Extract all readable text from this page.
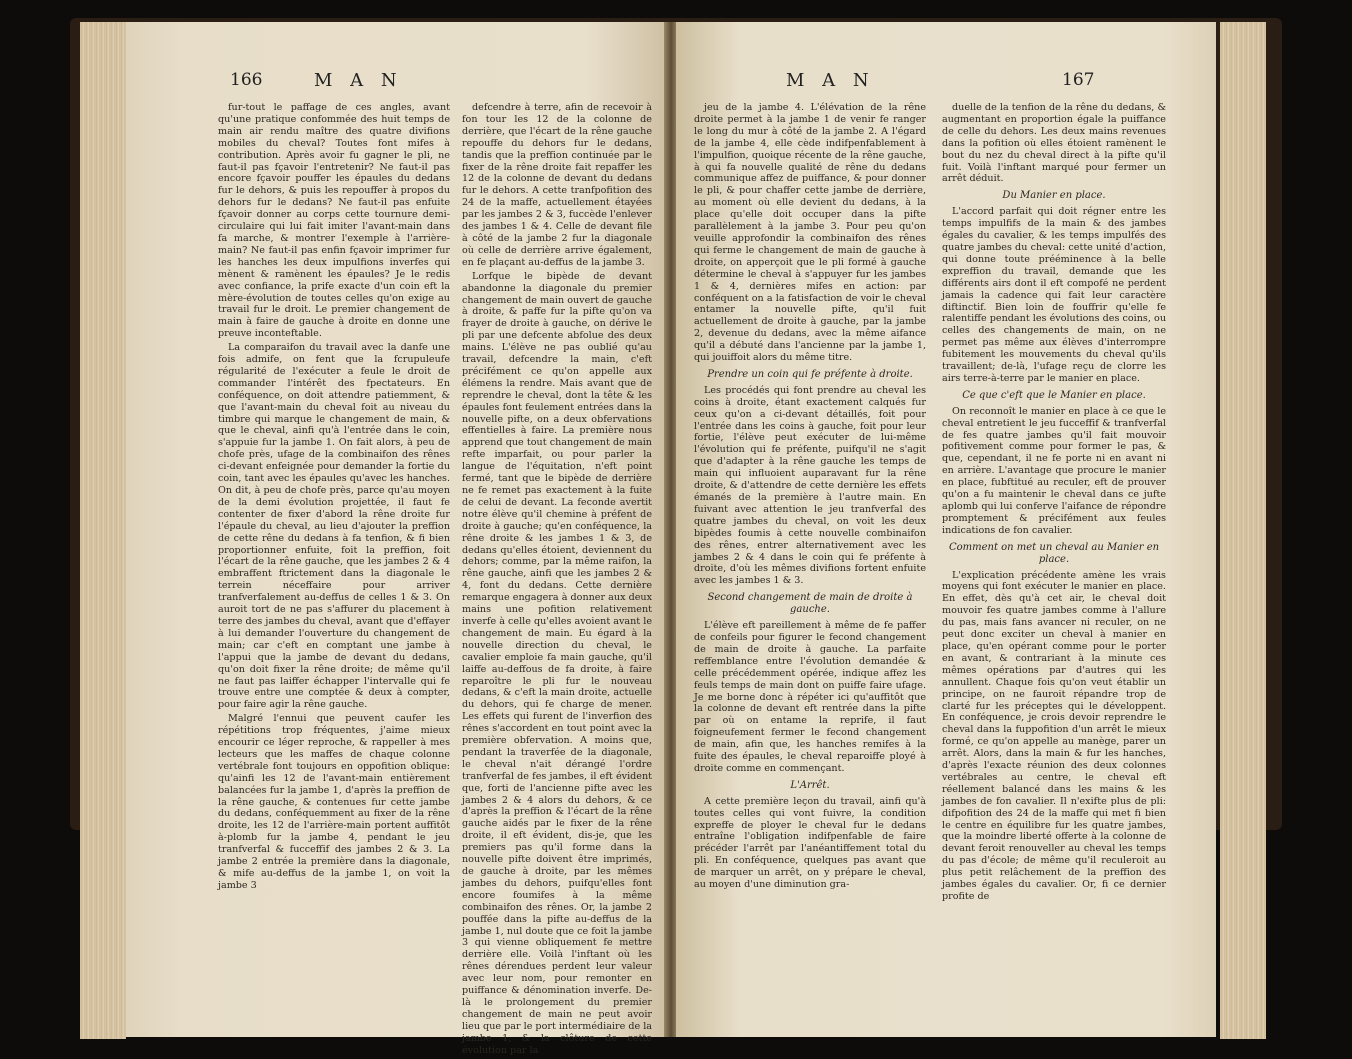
166	M A N

fur-tout le paffage de ces angles, avant qu'une pratique confommée des huit temps de main air rendu maître des quatre divifions mobiles du cheval? Toutes font mifes à contribution. Après avoir fu gagner le pli, ne faut-il pas fçavoir l'entretenir? Ne faut-il pas encore fçavoir pouffer les épaules du dedans fur le dehors, & puis les repouffer à propos du dehors fur le dedans? Ne faut-il pas enfuite fçavoir donner au corps cette tournure demi-circulaire qui lui fait imiter l'avant-main dans fa marche, & montrer l'exemple à l'arrière-main? Ne faut-il pas enfin fçavoir imprimer fur les hanches les deux impulfions inverfes qui mènent & ramènent les épaules? Je le redis avec confiance, la prife exacte d'un coin eft la mère-évolution de toutes celles qu'on exige au travail fur le droit. Le premier changement de main à faire de gauche à droite en donne une preuve inconteftable.

La comparaifon du travail avec la danfe une fois admife, on fent que la fcrupuleufe régularité de l'exécuter a feule le droit de commander l'intérêt des fpectateurs. En conféquence, on doit attendre patiemment, & que l'avant-main du cheval foit au niveau du timbre qui marque le changement de main, & que le cheval, ainfi qu'à l'entrée dans le coin, s'appuie fur la jambe 1. On fait alors, à peu de chofe près, ufage de la combinaifon des rênes ci-devant enfeignée pour demander la fortie du coin, tant avec les épaules qu'avec les hanches. On dit, à peu de chofe près, parce qu'au moyen de la demi évolution projettée, il faut fe contenter de fixer d'abord la rêne droite fur l'épaule du cheval, au lieu d'ajouter la preffion de cette rêne du dedans à fa tenfion, & fi bien proportionner enfuite, foit la preffion, foit l'écart de la rêne gauche, que les jambes 2 & 4 embraffent ftrictement dans la diagonale le terrein néceffaire pour arriver tranfverfalement au-deffus de celles 1 & 3. On auroit tort de ne pas s'affurer du placement à terre des jambes du cheval, avant que d'effayer à lui demander l'ouverture du changement de main; car c'eft en comptant une jambe à l'appui que la jambe de devant du dedans, qu'on doit fixer la rêne droite; de même qu'il ne faut pas laiffer échapper l'intervalle qui fe trouve entre une comptée & deux à compter, pour faire agir la rêne gauche.

Malgré l'ennui que peuvent caufer les répétitions trop fréquentes, j'aime mieux encourir ce léger reproche, & rappeller à mes lecteurs que les maffes de chaque colonne vertébrale font toujours en oppofition oblique: qu'ainfi les 12 de l'avant-main entièrement balancées fur la jambe 1, d'après la preffion de la rêne gauche, & contenues fur cette jambe du dedans, conféquemment au fixer de la rêne droite, les 12 de l'arrière-main portent auffitôt à-plomb fur la jambe 4, pendant le jeu tranfverfal & fucceffif des jambes 2 & 3. La jambe 2 entrée la première dans la diagonale, & mife au-deffus de la jambe 1, on voit la jambe 3

defcendre à terre, afin de recevoir à fon tour les 12 de la colonne de derrière, que l'écart de la rêne gauche repouffe du dehors fur le dedans, tandis que la preffion continuée par le fixer de la rêne droite fait repaffer les 12 de la colonne de devant du dedans fur le dehors. A cette tranfpofition des 24 de la maffe, actuellement étayées par les jambes 2 & 3, fuccède l'enlever des jambes 1 & 4. Celle de devant file à côté de la jambe 2 fur la diagonale où celle de derrière arrive également, en fe plaçant au-deffus de la jambe 3.

Lorfque le bipède de devant abandonne la diagonale du premier changement de main ouvert de gauche à droite, & paffe fur la pifte qu'on va frayer de droite à gauche, on dérive le pli par une defcente abfolue des deux mains. L'élève ne pas oublié qu'au travail, defcendre la main, c'eft précifément ce qu'on appelle aux élémens la rendre. Mais avant que de reprendre le cheval, dont la tête & les épaules font feulement entrées dans la nouvelle pifte, on a deux obfervations effentielles à faire. La première nous apprend que tout changement de main refte imparfait, ou pour parler la langue de l'équitation, n'eft point fermé, tant que le bipède de derrière ne fe remet pas exactement à la fuite de celui de devant. La feconde avertit notre élève qu'il chemine à préfent de droite à gauche; qu'en conféquence, la rêne droite & les jambes 1 & 3, de dedans qu'elles étoient, deviennent du dehors; comme, par la même raifon, la rêne gauche, ainfi que les jambes 2 & 4, font du dedans. Cette dernière remarque engagera à donner aux deux mains une pofition relativement inverfe à celle qu'elles avoient avant le changement de main. Eu égard à la nouvelle direction du cheval, le cavalier emploie fa main gauche, qu'il laiffe au-deffous de fa droite, à faire reparoître le pli fur le nouveau dedans, & c'eft la main droite, actuelle du dehors, qui fe charge de mener. Les effets qui furent de l'inverfion des rênes s'accordent en tout point avec la première obfervation. A moins que, pendant la traverfée de la diagonale, le cheval n'ait dérangé l'ordre tranfverfal de fes jambes, il eft évident que, forti de l'ancienne pifte avec les jambes 2 & 4 alors du dehors, & ce d'après la preffion & l'écart de la rêne gauche aidés par le fixer de la rêne droite, il eft évident, dis-je, que les premiers pas qu'il forme dans la nouvelle pifte doivent être imprimés, de gauche à droite, par les mêmes jambes du dehors, puifqu'elles font encore foumifes à la même combinaifon des rênes. Or, la jambe 2 pouffée dans la pifte au-deffus de la jambe 1, nul doute que ce foit la jambe 3 qui vienne obliquement fe mettre derrière elle. Voilà l'inftant où les rênes dérendues perdent leur valeur avec leur nom, pour remonter en puiffance & dénomination inverfe. De-là le prolongement du premier changement de main ne peut avoir lieu que par le port intermédiaire de la jambe 1, & la clôture de cette évolution par la

M A N	167

jeu de la jambe 4. L'élévation de la rêne droite permet à la jambe 1 de venir fe ranger le long du mur à côté de la jambe 2. A l'égard de la jambe 4, elle cède indifpenfablement à l'impulfion, quoique récente de la rêne gauche, à qui fa nouvelle qualité de rêne du dedans communique affez de puiffance, & pour donner le pli, & pour chaffer cette jambe de derrière, au moment où elle devient du dedans, à la place qu'elle doit occuper dans la pifte parallèlement à la jambe 3. Pour peu qu'on veuille approfondir la combinaifon des rênes qui ferme le changement de main de gauche à droite, on apperçoit que le pli formé à gauche détermine le cheval à s'appuyer fur les jambes 1 & 4, dernières mifes en action: par conféquent on a la fatisfaction de voir le cheval entamer la nouvelle pifte, qu'il fuit actuellement de droite à gauche, par la jambe 2, devenue du dedans, avec la même aifance qu'il a débuté dans l'ancienne par la jambe 1, qui jouiffoit alors du même titre.

Prendre un coin qui fe préfente à droite.

Les procédés qui font prendre au cheval les coins à droite, étant exactement calqués fur ceux qu'on a ci-devant détaillés, foit pour l'entrée dans les coins à gauche, foit pour leur fortie, l'élève peut exécuter de lui-même l'évolution qui fe préfente, puifqu'il ne s'agit que d'adapter à la rêne gauche les temps de main qui influoient auparavant fur la rêne droite, & d'attendre de cette dernière les effets émanés de la première à l'autre main. En fuivant avec attention le jeu tranfverfal des quatre jambes du cheval, on voit les deux bipèdes foumis à cette nouvelle combinaifon des rênes, entrer alternativement avec les jambes 2 & 4 dans le coin qui fe préfente à droite, d'où les mêmes divifions fortent enfuite avec les jambes 1 & 3.

Second changement de main de droite à gauche.

L'élève eft pareillement à même de fe paffer de confeils pour figurer le fecond changement de main de droite à gauche. La parfaite reffemblance entre l'évolution demandée & celle précédemment opérée, indique affez les feuls temps de main dont on puiffe faire ufage. Je me borne donc à répéter ici qu'auffitôt que la colonne de devant eft rentrée dans la pifte par où on entame la reprife, il faut foigneufement fermer le fecond changement de main, afin que, les hanches remifes à la fuite des épaules, le cheval reparoiffe ployé à droite comme en commençant.

L'Arrêt.

A cette première leçon du travail, ainfi qu'à toutes celles qui vont fuivre, la condition expreffe de ployer le cheval fur le dedans entraîne l'obligation indifpenfable de faire précéder l'arrêt par l'anéantiffement total du pli. En conféquence, quelques pas avant que de marquer un arrêt, on y prépare le cheval, au moyen d'une diminution gra-

duelle de la tenfion de la rêne du dedans, & augmentant en proportion égale la puiffance de celle du dehors. Les deux mains revenues dans la pofition où elles étoient ramènent le bout du nez du cheval direct à la pifte qu'il fuit. Voilà l'inftant marqué pour fermer un arrêt déduit.

Du Manier en place.

L'accord parfait qui doit régner entre les temps impulfifs de la main & des jambes égales du cavalier, & les temps impulfés des quatre jambes du cheval: cette unité d'action, qui donne toute prééminence à la belle expreffion du travail, demande que les différents airs dont il eft compofé ne perdent jamais la cadence qui fait leur caractère diftinctif. Bien loin de fouffrir qu'elle fe ralentiffe pendant les évolutions des coins, ou celles des changements de main, on ne permet pas même aux élèves d'interrompre fubitement les mouvements du cheval qu'ils travaillent; de-là, l'ufage reçu de clorre les airs terre-à-terre par le manier en place.

Ce que c'eft que le Manier en place.

On reconnoît le manier en place à ce que le cheval entretient le jeu fucceffif & tranfverfal de fes quatre jambes qu'il fait mouvoir pofitivement comme pour former le pas, & que, cependant, il ne fe porte ni en avant ni en arrière. L'avantage que procure le manier en place, fubftitué au reculer, eft de prouver qu'on a fu maintenir le cheval dans ce jufte aplomb qui lui conferve l'aifance de répondre promptement & précifément aux feules indications de fon cavalier.

Comment on met un cheval au Manier en place.

L'explication précédente amène les vrais moyens qui font exécuter le manier en place. En effet, dès qu'à cet air, le cheval doit mouvoir fes quatre jambes comme à l'allure du pas, mais fans avancer ni reculer, on ne peut donc exciter un cheval à manier en place, qu'en opérant comme pour le porter en avant, & contrariant à la minute ces mêmes opérations par d'autres qui les annullent. Chaque fois qu'on veut établir un principe, on ne fauroit répandre trop de clarté fur les préceptes qui le développent. En conféquence, je crois devoir reprendre le cheval dans la fuppofition d'un arrêt le mieux formé, ce qu'on appelle au manège, parer un arrêt. Alors, dans la main & fur les hanches, d'après l'exacte réunion des deux colonnes vertébrales au centre, le cheval eft réellement balancé dans les mains & les jambes de fon cavalier. Il n'exifte plus de pli: difpofition des 24 de la maffe qui met fi bien le centre en équilibre fur les quatre jambes, que la moindre liberté offerte à la colonne de devant feroit renouveller au cheval les temps du pas d'école; de même qu'il reculeroit au plus petit relâchement de la preffion des jambes égales du cavalier. Or, fi ce dernier profite de
